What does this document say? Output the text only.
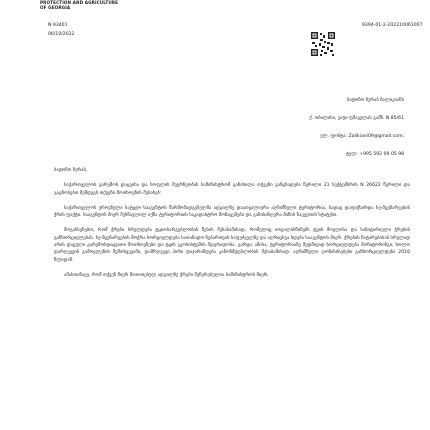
PROTECTION AND AGRICULTURE
OF GEORGIA
N 93401
06/10/2022
9394-01-2-202210061007
ბატონო ზურაბ ზალიკიანს
ქ. თბილისი, ვაჟა-ფშაველას გამზ. N 85/61
ელ. ფოსტა: Zalikiani09@gmail.com;
ტელ: +995 592 09 05 98
ბატონო ზურაბ,
საქართველოს გარემოს დაცვისა და სოფლის მეურნეობის სამინისტრომ განიხილა თქვენი განცხადება წერილი 21 სექტემბრის N 26622 წერილი და გაცნობებთ შემდეგს თქვენი მოთხოვნის შესახებ:
საქართველოს ეროვნული სატყეო სააგენტოს წარმომადგენელმა ადგილზე დაათვალიერა აღნიშნული ტერიტორია, სადაც დაფიქსირდა ხე-მცენარეების ჭრის ფაქტი. სააგენტოს მიერ შესწავლილ იქნა ტერიტორიის საკადასტრო მონაცემები და განისაზღვრა მიწის ნაკვეთის სტატუსი.
მოგახსენებთ, რომ ჭრები სრულდება ტყითსარგებლობის წესის შესაბამისად, რომელიც ითვალისწინებს ტყის მოვლისა და სანიტარიული ჭრების განხორციელებას. ხე-მცენარეების მოჭრა ხორციელდება სათანადო ნებართვის საფუძველზე და აღრიცხვა ხდება სააგენტოს მიერ. ჭრების ჩატარებისას სრულად არის დაცული გარემოსდაცვითი მოთხოვნები და ტყის ეკოსისტემის მდგრადობა. გარდა ამისა, ტერიტორიაზე მუდმივად ხორციელდება მონიტორინგი, ხოლო დარღვევის გამოვლენის შემთხვევაში, დამრღვევი პირი დაჯარიმდება კანონმდებლობის შესაბამისად. აღნიშნული ღონისძიებები განხორციელდება 2016 წლიდან.
ამასთანავე, რომ თქვენ მიერ მითითებულ ადგილზე ჭრები შეჩერებულია სამინისტროს მიერ.
